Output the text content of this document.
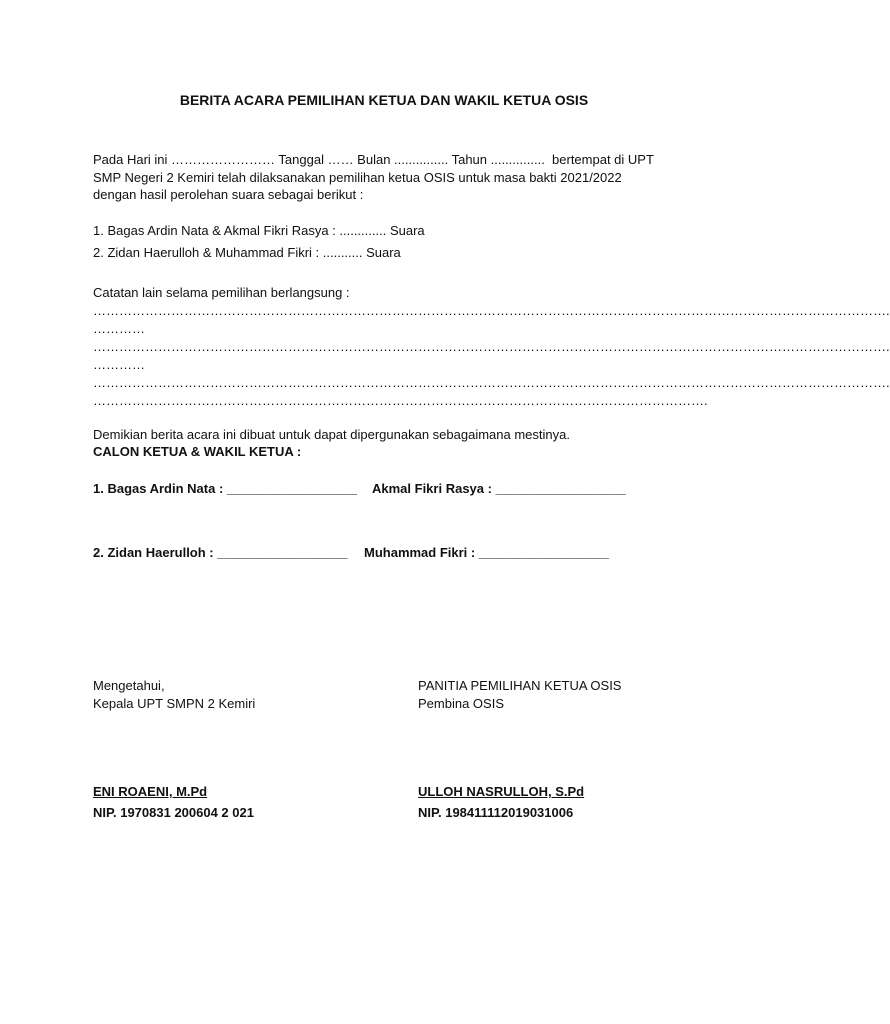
BERITA ACARA PEMILIHAN KETUA DAN WAKIL KETUA OSIS
Pada Hari ini …………………… Tanggal …… Bulan ............... Tahun ...............  bertempat di UPT
SMP Negeri 2 Kemiri telah dilaksanakan pemilihan ketua OSIS untuk masa bakti 2021/2022
dengan hasil perolehan suara sebagai berikut :
1. Bagas Ardin Nata & Akmal Fikri Rasya : ............. Suara
2. Zidan Haerulloh & Muhammad Fikri : ........... Suara
Catatan lain selama pemilihan berlangsung :
………………………………………………………………………………………………………………………………………………………………….
…………
………………………………………………………………………………………………………………………………………………………………….
…………
………………………………………………………………………………………………………………………………………………………………….
…………………………………………………………………………………………………………………………….
Demikian berita acara ini dibuat untuk dapat dipergunakan sebagaimana mestinya.
CALON KETUA & WAKIL KETUA :
1. Bagas Ardin Nata : __________________ Akmal Fikri Rasya : __________________
2. Zidan Haerulloh : __________________ Muhammad Fikri : __________________
Mengetahui,
Kepala UPT SMPN 2 Kemiri
ENI ROAENI, M.Pd
NIP. 1970831 200604 2 021
PANITIA PEMILIHAN KETUA OSIS
Pembina OSIS
ULLOH NASRULLOH, S.Pd
NIP. 198411112019031006
